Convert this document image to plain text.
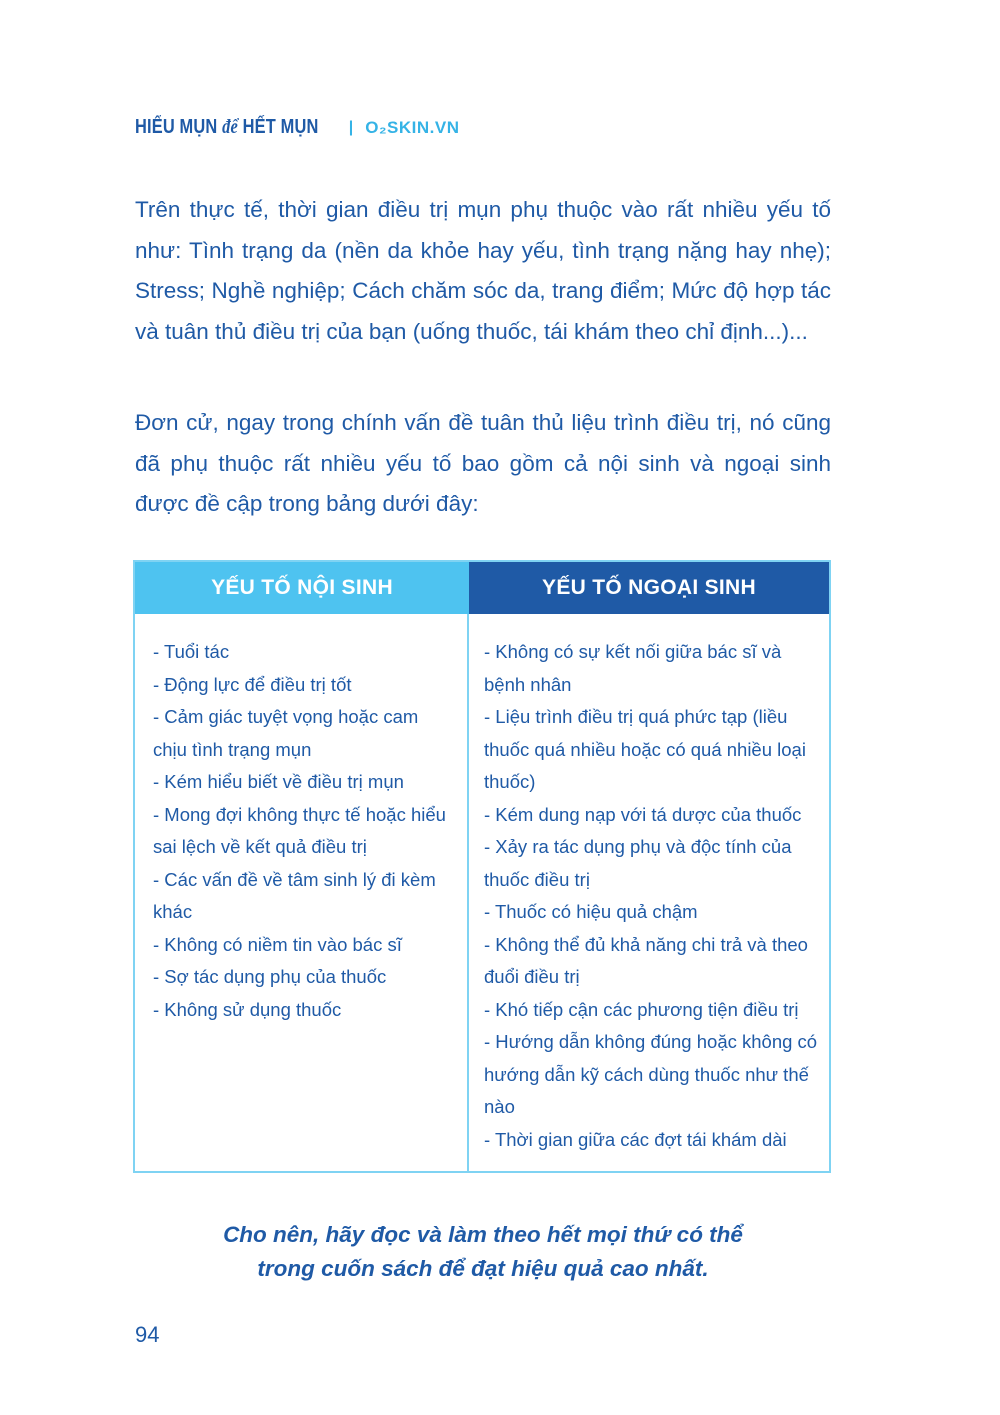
HIỂU MỤN để HẾT MỤN | O₂SKIN.VN

Trên thực tế, thời gian điều trị mụn phụ thuộc vào rất nhiều yếu tố như: Tình trạng da (nền da khỏe hay yếu, tình trạng nặng hay nhẹ); Stress; Nghề nghiệp; Cách chăm sóc da, trang điểm; Mức độ hợp tác và tuân thủ điều trị của bạn (uống thuốc, tái khám theo chỉ định...)...

Đơn cử, ngay trong chính vấn đề tuân thủ liệu trình điều trị, nó cũng đã phụ thuộc rất nhiều yếu tố bao gồm cả nội sinh và ngoại sinh được đề cập trong bảng dưới đây:

YẾU TỐ NỘI SINH	YẾU TỐ NGOẠI SINH
- Tuổi tác
- Động lực để điều trị tốt
- Cảm giác tuyệt vọng hoặc cam chịu tình trạng mụn
- Kém hiểu biết về điều trị mụn
- Mong đợi không thực tế hoặc hiểu sai lệch về kết quả điều trị
- Các vấn đề về tâm sinh lý đi kèm khác
- Không có niềm tin vào bác sĩ
- Sợ tác dụng phụ của thuốc
- Không sử dụng thuốc
- Không có sự kết nối giữa bác sĩ và bệnh nhân
- Liệu trình điều trị quá phức tạp (liều thuốc quá nhiều hoặc có quá nhiều loại thuốc)
- Kém dung nạp với tá dược của thuốc
- Xảy ra tác dụng phụ và độc tính của thuốc điều trị
- Thuốc có hiệu quả chậm
- Không thể đủ khả năng chi trả và theo đuổi điều trị
- Khó tiếp cận các phương tiện điều trị
- Hướng dẫn không đúng hoặc không có hướng dẫn kỹ cách dùng thuốc như thế nào
- Thời gian giữa các đợt tái khám dài
Cho nên, hãy đọc và làm theo hết mọi thứ có thể
trong cuốn sách để đạt hiệu quả cao nhất.
94
